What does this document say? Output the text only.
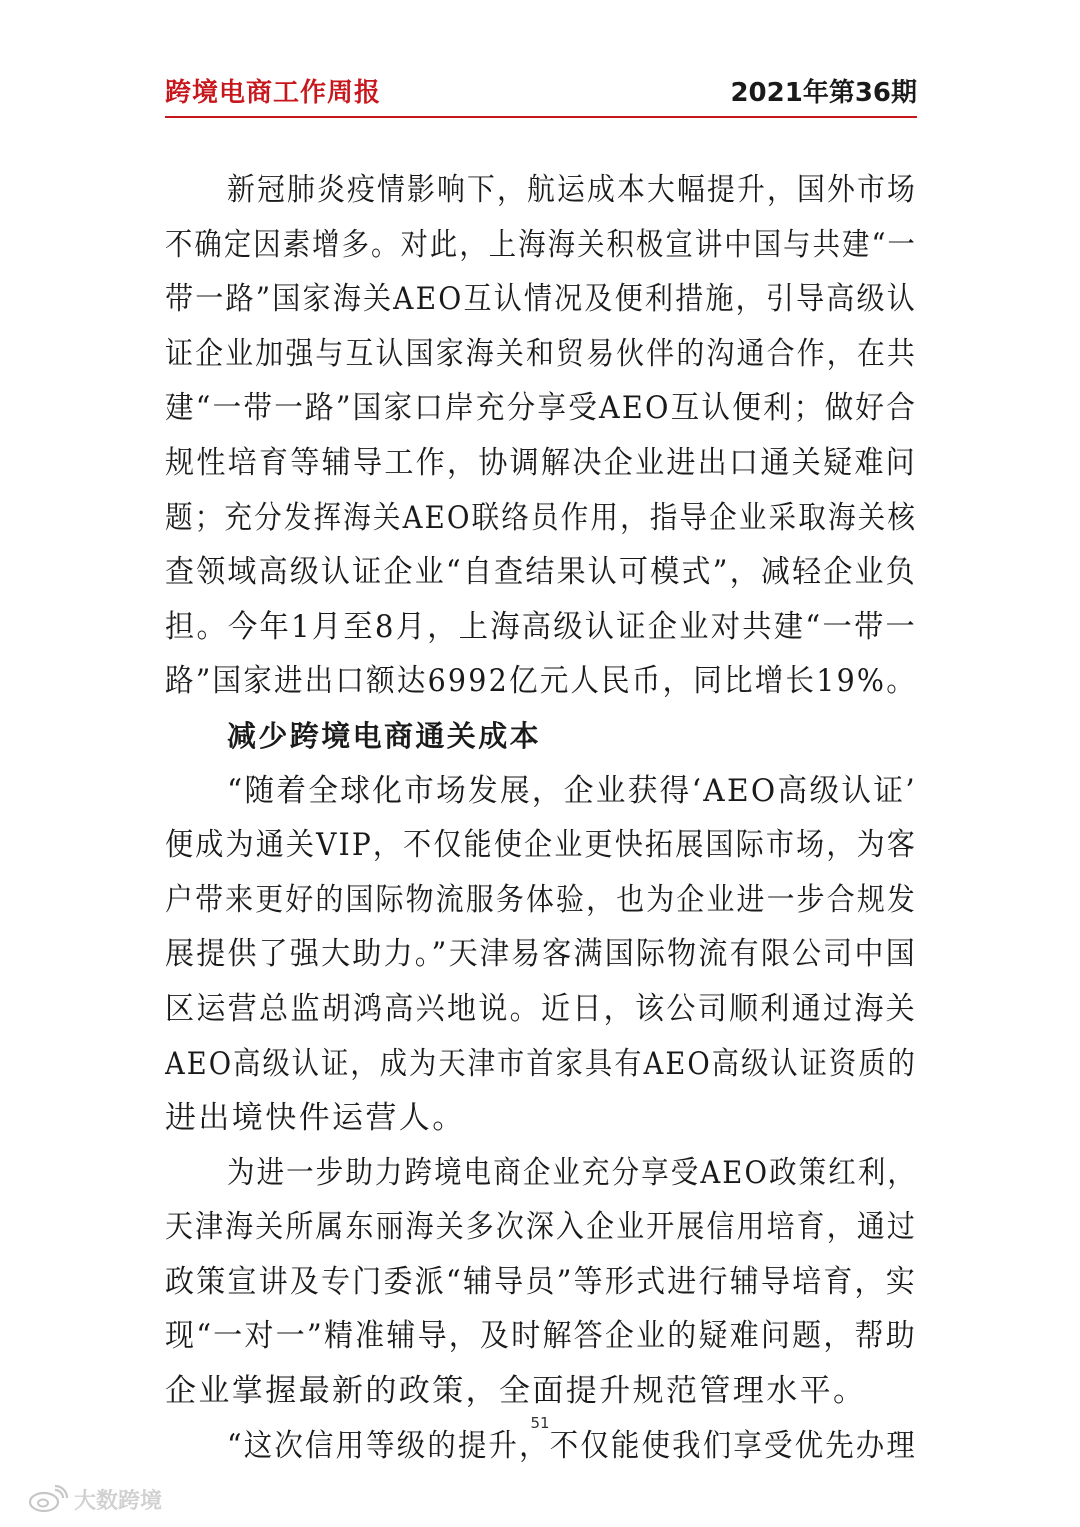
跨境电商工作周报	2021年第36期
新冠肺炎疫情影响下，航运成本大幅提升，国外市场
不确定因素增多。对此，上海海关积极宣讲中国与共建“一
带一路”国家海关AEO互认情况及便利措施，引导高级认
证企业加强与互认国家海关和贸易伙伴的沟通合作，在共
建“一带一路”国家口岸充分享受AEO互认便利；做好合
规性培育等辅导工作，协调解决企业进出口通关疑难问
题；充分发挥海关AEO联络员作用，指导企业采取海关核
查领域高级认证企业“自查结果认可模式”，减轻企业负
担。今年1月至8月，上海高级认证企业对共建“一带一
路”国家进出口额达6992亿元人民币，同比增长19%。
减少跨境电商通关成本
“随着全球化市场发展，企业获得‘AEO高级认证’
便成为通关VIP，不仅能使企业更快拓展国际市场，为客
户带来更好的国际物流服务体验，也为企业进一步合规发
展提供了强大助力。”天津易客满国际物流有限公司中国
区运营总监胡鸿高兴地说。近日，该公司顺利通过海关
AEO高级认证，成为天津市首家具有AEO高级认证资质的
进出境快件运营人。
为进一步助力跨境电商企业充分享受AEO政策红利，
天津海关所属东丽海关多次深入企业开展信用培育，通过
政策宣讲及专门委派“辅导员”等形式进行辅导培育，实
现“一对一”精准辅导，及时解答企业的疑难问题，帮助
企业掌握最新的政策，全面提升规范管理水平。
“这次信用等级的提升，不仅能使我们享受优先办理
51
大数跨境
